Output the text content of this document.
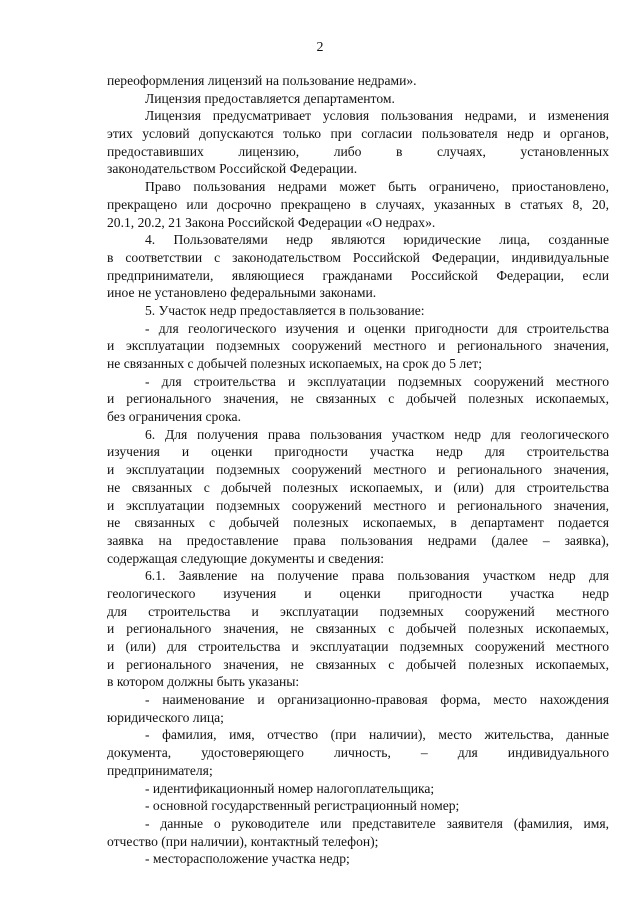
2
переоформления лицензий на пользование недрами».
Лицензия предоставляется департаментом.
Лицензия предусматривает условия пользования недрами, и изменения
этих условий допускаются только при согласии пользователя недр и органов,
предоставивших лицензию, либо в случаях, установленных
законодательством Российской Федерации.
Право пользования недрами может быть ограничено, приостановлено,
прекращено или досрочно прекращено в случаях, указанных в статьях 8, 20,
20.1, 20.2, 21 Закона Российской Федерации «О недрах».
4. Пользователями недр являются юридические лица, созданные
в соответствии с законодательством Российской Федерации, индивидуальные
предприниматели, являющиеся гражданами Российской Федерации, если
иное не установлено федеральными законами.
5. Участок недр предоставляется в пользование:
- для геологического изучения и оценки пригодности для строительства
и эксплуатации подземных сооружений местного и регионального значения,
не связанных с добычей полезных ископаемых, на срок до 5 лет;
- для строительства и эксплуатации подземных сооружений местного
и регионального значения, не связанных с добычей полезных ископаемых,
без ограничения срока.
6. Для получения права пользования участком недр для геологического
изучения и оценки пригодности участка недр для строительства
и эксплуатации подземных сооружений местного и регионального значения,
не связанных с добычей полезных ископаемых, и (или) для строительства
и эксплуатации подземных сооружений местного и регионального значения,
не связанных с добычей полезных ископаемых, в департамент подается
заявка на предоставление права пользования недрами (далее – заявка),
содержащая следующие документы и сведения:
6.1. Заявление на получение права пользования участком недр для
геологического изучения и оценки пригодности участка недр
для строительства и эксплуатации подземных сооружений местного
и регионального значения, не связанных с добычей полезных ископаемых,
и (или) для строительства и эксплуатации подземных сооружений местного
и регионального значения, не связанных с добычей полезных ископаемых,
в котором должны быть указаны:
- наименование и организационно-правовая форма, место нахождения
юридического лица;
- фамилия, имя, отчество (при наличии), место жительства, данные
документа, удостоверяющего личность, – для индивидуального
предпринимателя;
- идентификационный номер налогоплательщика;
- основной государственный регистрационный номер;
- данные о руководителе или представителе заявителя (фамилия, имя,
отчество (при наличии), контактный телефон);
- месторасположение участка недр;
